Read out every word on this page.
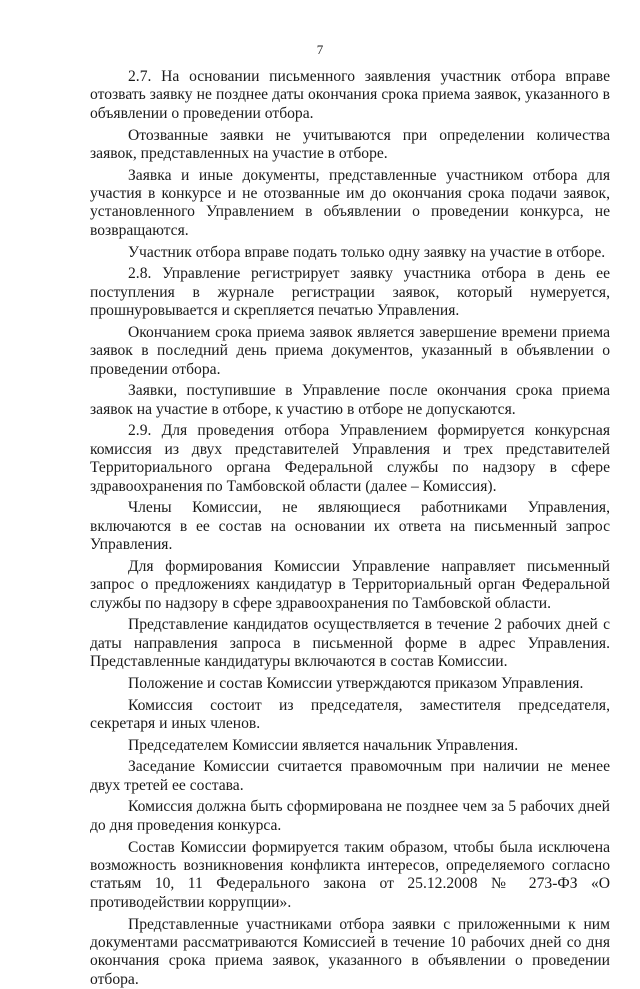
7

2.7. На основании письменного заявления участник отбора вправе отозвать заявку не позднее даты окончания срока приема заявок, указанного в объявлении о проведении отбора.

Отозванные заявки не учитываются при определении количества заявок, представленных на участие в отборе.

Заявка и иные документы, представленные участником отбора для участия в конкурсе и не отозванные им до окончания срока подачи заявок, установленного Управлением в объявлении о проведении конкурса, не возвращаются.

Участник отбора вправе подать только одну заявку на участие в отборе.

2.8. Управление регистрирует заявку участника отбора в день ее поступления в журнале регистрации заявок, который нумеруется, прошнуровывается и скрепляется печатью Управления.

Окончанием срока приема заявок является завершение времени приема заявок в последний день приема документов, указанный в объявлении о проведении отбора.

Заявки, поступившие в Управление после окончания срока приема заявок на участие в отборе, к участию в отборе не допускаются.

2.9. Для проведения отбора Управлением формируется конкурсная комиссия из двух представителей Управления и трех представителей Территориального органа Федеральной службы по надзору в сфере здравоохранения по Тамбовской области (далее – Комиссия).

Члены Комиссии, не являющиеся работниками Управления, включаются в ее состав на основании их ответа на письменный запрос Управления.

Для формирования Комиссии Управление направляет письменный запрос о предложениях кандидатур в Территориальный орган Федеральной службы по надзору в сфере здравоохранения по Тамбовской области.

Представление кандидатов осуществляется в течение 2 рабочих дней с даты направления запроса в письменной форме в адрес Управления. Представленные кандидатуры включаются в состав Комиссии.

Положение и состав Комиссии утверждаются приказом Управления.

Комиссия состоит из председателя, заместителя председателя, секретаря и иных членов.

Председателем Комиссии является начальник Управления.

Заседание Комиссии считается правомочным при наличии не менее двух третей ее состава.

Комиссия должна быть сформирована не позднее чем за 5 рабочих дней до дня проведения конкурса.

Состав Комиссии формируется таким образом, чтобы была исключена возможность возникновения конфликта интересов, определяемого согласно статьям 10, 11 Федерального закона от 25.12.2008 № 273-ФЗ «О противодействии коррупции».

Представленные участниками отбора заявки с приложенными к ним документами рассматриваются Комиссией в течение 10 рабочих дней со дня окончания срока приема заявок, указанного в объявлении о проведении отбора.
